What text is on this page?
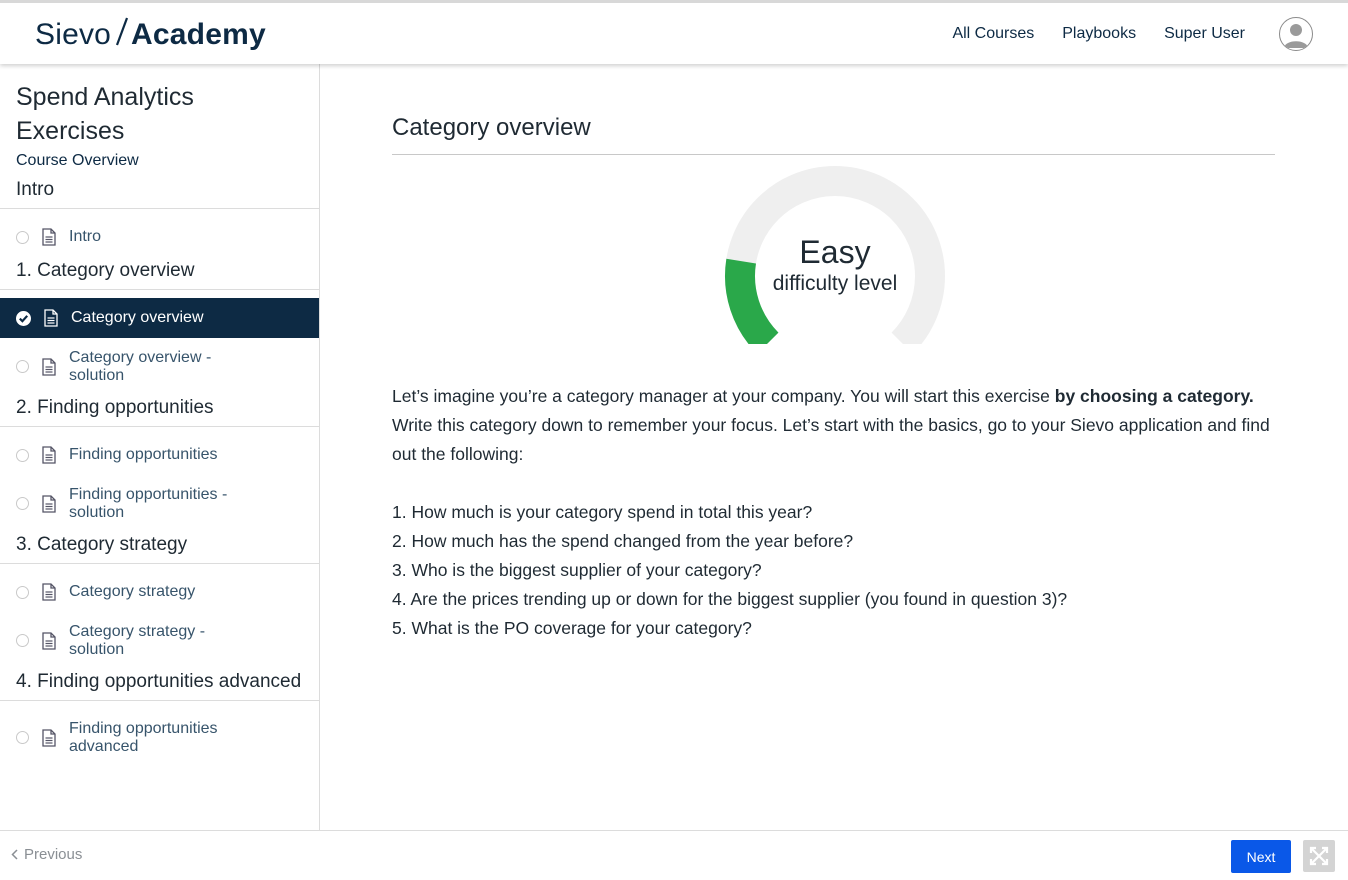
Sievo Academy	All Courses Playbooks Super User
Spend Analytics Exercises
Course Overview
Intro
Intro
1. Category overview
Category overview
Category overview - solution
2. Finding opportunities
Finding opportunities
Finding opportunities - solution
3. Category strategy
Category strategy
Category strategy - solution
4. Finding opportunities advanced
Finding opportunities advanced
Category overview
Easy
difficulty level

Let’s imagine you’re a category manager at your company. You will start this exercise by choosing a category. Write this category down to remember your focus. Let’s start with the basics, go to your Sievo application and find out the following:

1. How much is your category spend in total this year?

2. How much has the spend changed from the year before?

3. Who is the biggest supplier of your category?

4. Are the prices trending up or down for the biggest supplier (you found in question 3)?

5. What is the PO coverage for your category?

Previous	Next
